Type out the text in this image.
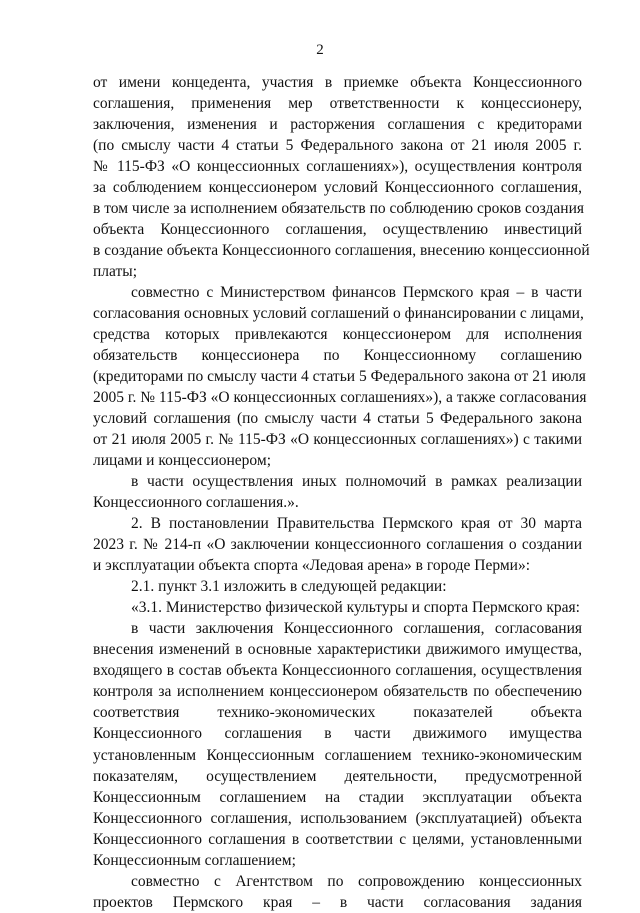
2
от имени концедента, участия в приемке объекта Концессионного
соглашения, применения мер ответственности к концессионеру,
заключения, изменения и расторжения соглашения с кредиторами
(по смыслу части 4 статьи 5 Федерального закона от 21 июля 2005 г.
№ 115-ФЗ «О концессионных соглашениях»), осуществления контроля
за соблюдением концессионером условий Концессионного соглашения,
в том числе за исполнением обязательств по соблюдению сроков создания
объекта Концессионного соглашения, осуществлению инвестиций
в создание объекта Концессионного соглашения, внесению концессионной
платы;
совместно с Министерством финансов Пермского края – в части
согласования основных условий соглашений о финансировании с лицами,
средства которых привлекаются концессионером для исполнения
обязательств концессионера по Концессионному соглашению
(кредиторами по смыслу части 4 статьи 5 Федерального закона от 21 июля
2005 г. № 115-ФЗ «О концессионных соглашениях»), а также согласования
условий соглашения (по смыслу части 4 статьи 5 Федерального закона
от 21 июля 2005 г. № 115-ФЗ «О концессионных соглашениях») с такими
лицами и концессионером;
в части осуществления иных полномочий в рамках реализации
Концессионного соглашения.».
2. В постановлении Правительства Пермского края от 30 марта
2023 г. № 214-п «О заключении концессионного соглашения о создании
и эксплуатации объекта спорта «Ледовая арена» в городе Перми»:
2.1. пункт 3.1 изложить в следующей редакции:
«3.1. Министерство физической культуры и спорта Пермского края:
в части заключения Концессионного соглашения, согласования
внесения изменений в основные характеристики движимого имущества,
входящего в состав объекта Концессионного соглашения, осуществления
контроля за исполнением концессионером обязательств по обеспечению
соответствия технико-экономических показателей объекта
Концессионного соглашения в части движимого имущества
установленным Концессионным соглашением технико-экономическим
показателям, осуществлением деятельности, предусмотренной
Концессионным соглашением на стадии эксплуатации объекта
Концессионного соглашения, использованием (эксплуатацией) объекта
Концессионного соглашения в соответствии с целями, установленными
Концессионным соглашением;
совместно с Агентством по сопровождению концессионных
проектов Пермского края – в части согласования задания
